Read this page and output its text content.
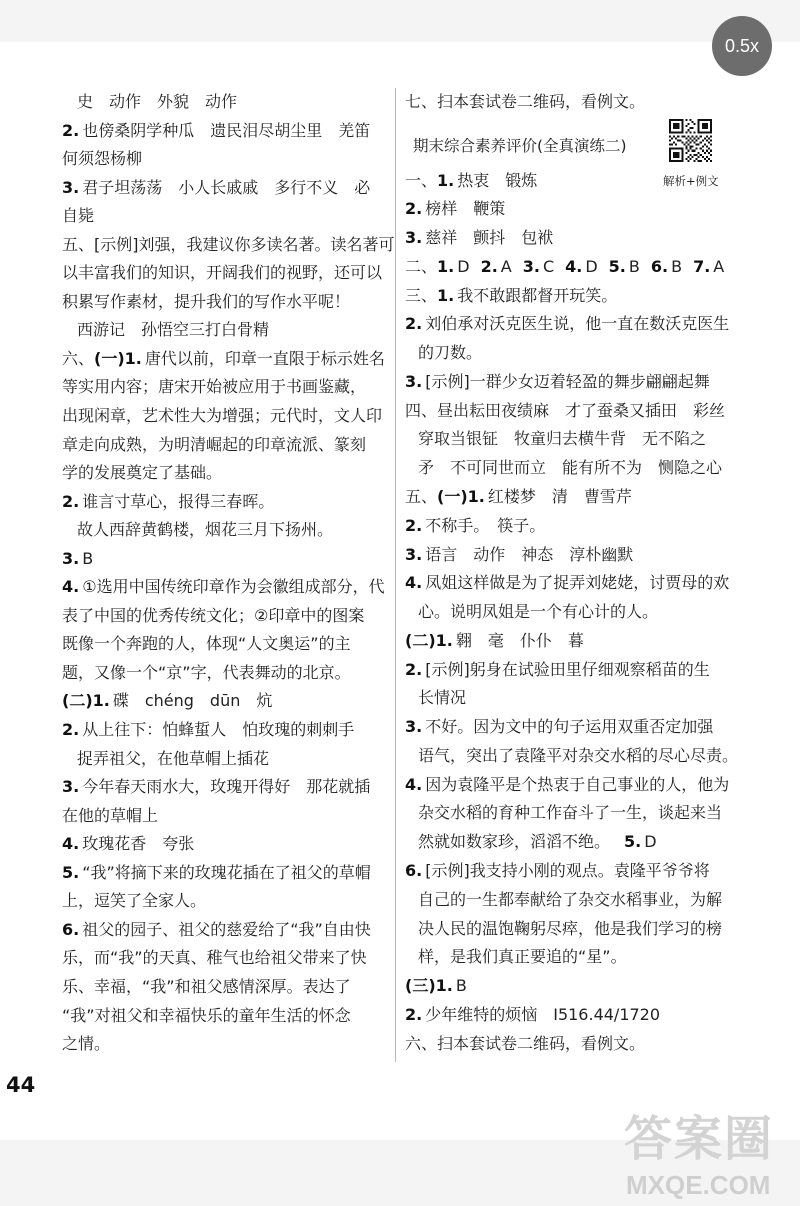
史　动作　外貌　动作
2. 也傍桑阴学种瓜　遗民泪尽胡尘里　羌笛
何须怨杨柳
3. 君子坦荡荡　小人长戚戚　多行不义　必
自毙
五、[示例]刘强，我建议你多读名著。读名著可
以丰富我们的知识，开阔我们的视野，还可以
积累写作素材，提升我们的写作水平呢！
西游记　孙悟空三打白骨精
六、(一)1. 唐代以前，印章一直限于标示姓名
等实用内容；唐宋开始被应用于书画鉴藏，
出现闲章，艺术性大为增强；元代时，文人印
章走向成熟，为明清崛起的印章流派、篆刻
学的发展奠定了基础。
2. 谁言寸草心，报得三春晖。
故人西辞黄鹤楼，烟花三月下扬州。
3. B
4. ①选用中国传统印章作为会徽组成部分，代
表了中国的优秀传统文化；②印章中的图案
既像一个奔跑的人，体现“人文奥运”的主
题，又像一个“京”字，代表舞动的北京。
(二)1. 碟　chéng　dūn　炕
2. 从上往下：怕蜂蜇人　怕玫瑰的刺刺手
捉弄祖父，在他草帽上插花
3. 今年春天雨水大，玫瑰开得好　那花就插
在他的草帽上
4. 玫瑰花香　夸张
5. “我”将摘下来的玫瑰花插在了祖父的草帽
上，逗笑了全家人。
6. 祖父的园子、祖父的慈爱给了“我”自由快
乐，而“我”的天真、稚气也给祖父带来了快
乐、幸福，“我”和祖父感情深厚。表达了
“我”对祖父和幸福快乐的童年生活的怀念
之情。
七、扫本套试卷二维码，看例文。
期末综合素养评价(全真演练二)
解析+例文
一、1. 热衷　锻炼
2. 榜样　鞭策
3. 慈祥　颤抖　包袱
二、1. D 2. A 3. C 4. D 5. B 6. B 7. A
三、1. 我不敢跟都督开玩笑。
2. 刘伯承对沃克医生说，他一直在数沃克医生
的刀数。
3. [示例]一群少女迈着轻盈的舞步翩翩起舞
四、昼出耘田夜绩麻　才了蚕桑又插田　彩丝
穿取当银钲　牧童归去横牛背　无不陷之
矛　不可同世而立　能有所不为　恻隐之心
五、(一)1. 红楼梦　清　曹雪芹
2. 不称手。　筷子。
3. 语言　动作　神态　淳朴幽默
4. 凤姐这样做是为了捉弄刘姥姥，讨贾母的欢
心。说明凤姐是一个有心计的人。
(二)1. 翱　毫　仆仆　暮
2. [示例]躬身在试验田里仔细观察稻苗的生
长情况
3. 不好。因为文中的句子运用双重否定加强
语气，突出了袁隆平对杂交水稻的尽心尽责。
4. 因为袁隆平是个热衷于自己事业的人，他为
杂交水稻的育种工作奋斗了一生，谈起来当
然就如数家珍，滔滔不绝。 5. D
6. [示例]我支持小刚的观点。袁隆平爷爷将
自己的一生都奉献给了杂交水稻事业，为解
决人民的温饱鞠躬尽瘁，他是我们学习的榜
样，是我们真正要追的“星”。
(三)1. B
2. 少年维特的烦恼　I516.44/1720
六、扫本套试卷二维码，看例文。
44
0.5x
答案圈
MXQE.COM
